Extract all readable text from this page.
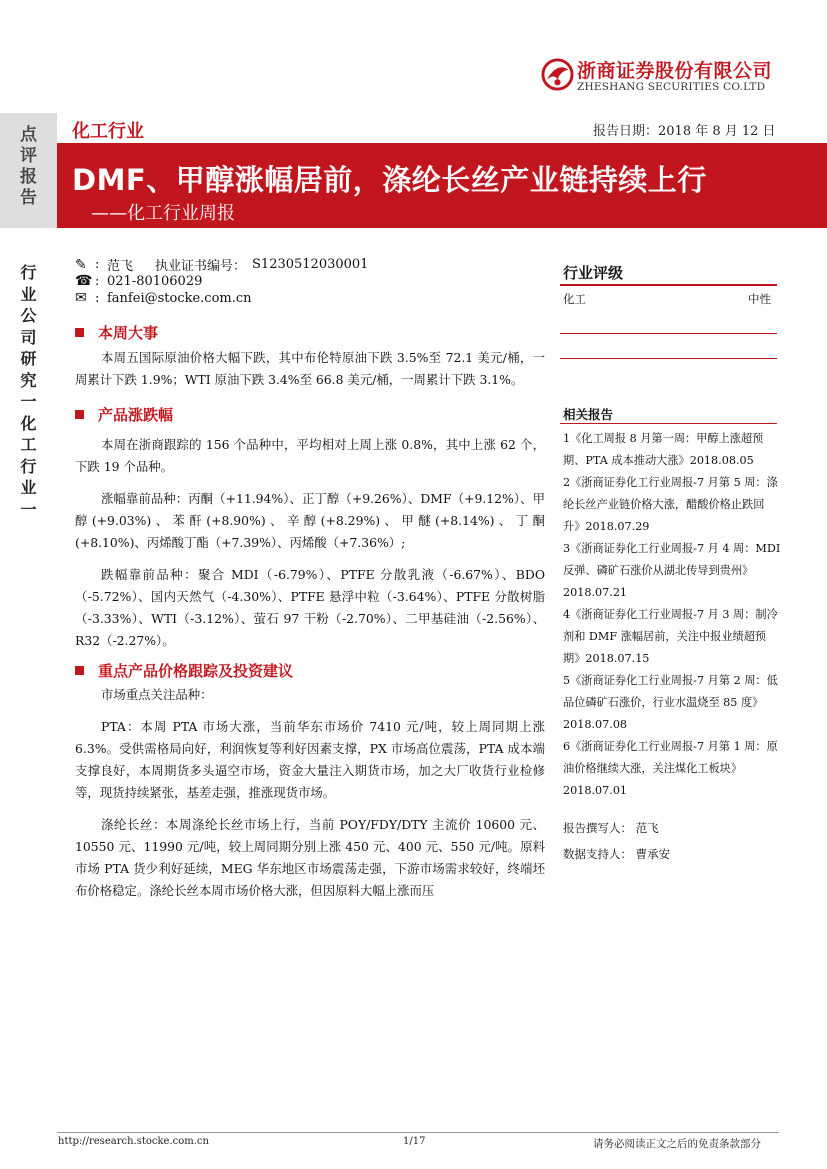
点
评
报
告
行
业
公
司
研
究
一
化
工
行
业
一
浙商证券股份有限公司
ZHESHANG SECURITIES CO.LTD
化工行业	报告日期：2018 年 8 月 12 日
DMF、甲醇涨幅居前，涤纶长丝产业链持续上行
——化工行业周报
✎ : 范飞	执业证书编号： S1230512030001
☎ : 021-80106029
✉ : fanfei@stocke.com.cn
本周大事

本周五国际原油价格大幅下跌，其中布伦特原油下跌 3.5%至 72.1 美元/桶，一周累计下跌 1.9%；WTI 原油下跌 3.4%至 66.8 美元/桶，一周累计下跌 3.1%。

产品涨跌幅

本周在浙商跟踪的 156 个品种中，平均相对上周上涨 0.8%，其中上涨 62 个，下跌 19 个品种。

涨幅靠前品种：丙酮（+11.94%）、正丁醇（+9.26%）、DMF（+9.12%）、甲醇(+9.03%)、苯酐(+8.90%)、辛醇(+8.29%)、甲醚(+8.14%)、丁酮(+8.10%)、丙烯酸丁酯（+7.39%）、丙烯酸（+7.36%）;

跌幅靠前品种：聚合 MDI（-6.79%）、PTFE 分散乳液（-6.67%）、BDO（-5.72%）、国内天然气（-4.30%）、PTFE 悬浮中粒（-3.64%）、PTFE 分散树脂（-3.33%）、WTI（-3.12%）、萤石 97 干粉（-2.70%）、二甲基硅油（-2.56%）、R32（-2.27%）。

重点产品价格跟踪及投资建议

市场重点关注品种：

PTA：本周 PTA 市场大涨，当前华东市场价 7410 元/吨，较上周同期上涨 6.3%。受供需格局向好，利润恢复等利好因素支撑，PX 市场高位震荡，PTA 成本端支撑良好，本周期货多头逼空市场，资金大量注入期货市场，加之大厂收货行业检修等，现货持续紧张，基差走强，推涨现货市场。

涤纶长丝：本周涤纶长丝市场上行，当前 POY/FDY/DTY 主流价 10600 元、10550 元、11990 元/吨，较上周同期分别上涨 450 元、400 元、550 元/吨。原料市场 PTA 货少利好延续，MEG 华东地区市场震荡走强，下游市场需求较好，终端坯布价格稳定。涤纶长丝本周市场价格大涨，但因原料大幅上涨而压

行业评级
化工	中性
相关报告
1《化工周报 8 月第一周：甲醇上涨超预期、PTA 成本推动大涨》2018.08.05
2《浙商证券化工行业周报-7 月第 5 周：涤纶长丝产业链价格大涨，醋酸价格止跌回升》2018.07.29
3《浙商证券化工行业周报-7 月 4 周：MDI 反弹、磷矿石涨价从湖北传导到贵州》2018.07.21
4《浙商证券化工行业周报-7 月 3 周：制冷剂和 DMF 涨幅居前，关注中报业绩超预期》2018.07.15
5《浙商证券化工行业周报-7 月第 2 周：低品位磷矿石涨价，行业水温烧至 85 度》2018.07.08
6《浙商证券化工行业周报-7 月第 1 周：原油价格继续大涨，关注煤化工板块》2018.07.01
报告撰写人： 范飞
数据支持人： 曹承安
http://research.stocke.com.cn	1/17	请务必阅读正文之后的免责条款部分
